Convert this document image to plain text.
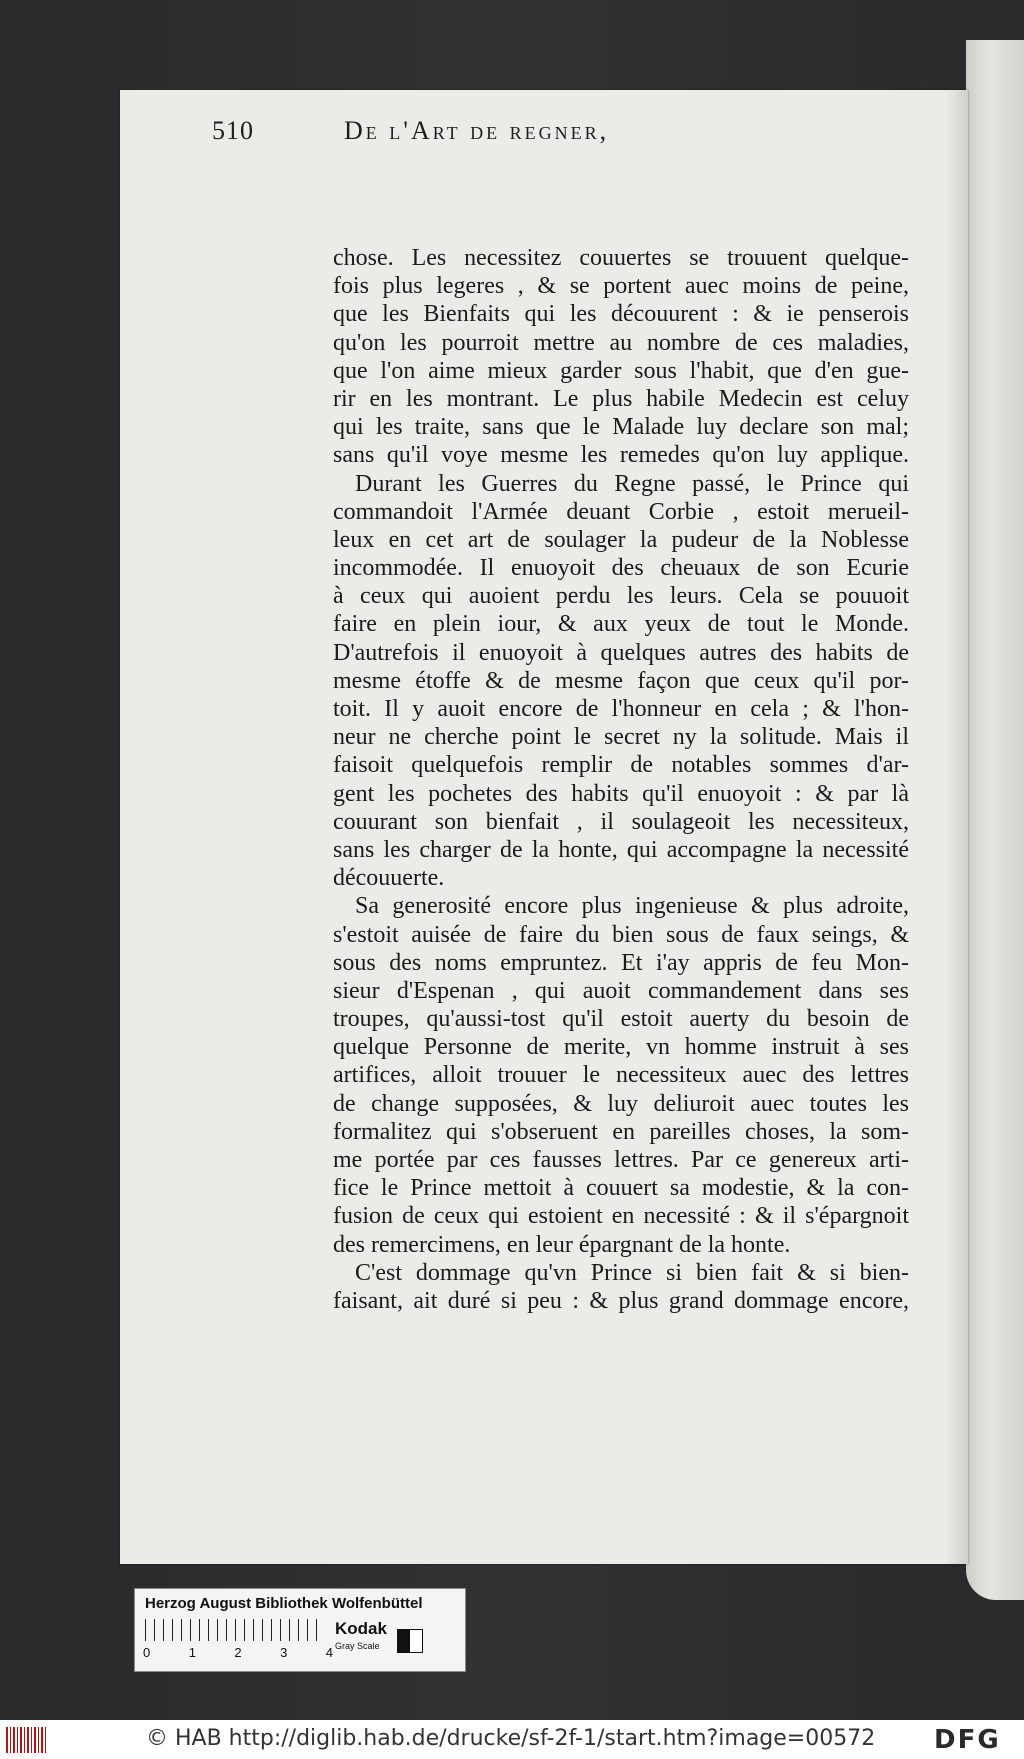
510	De l'Art de regner,
chose. Les necessitez couuertes se trouuent quelque-
fois plus legeres , & se portent auec moins de peine,
que les Bienfaits qui les découurent : & ie penserois
qu'on les pourroit mettre au nombre de ces maladies,
que l'on aime mieux garder sous l'habit, que d'en gue-
rir en les montrant. Le plus habile Medecin est celuy
qui les traite, sans que le Malade luy declare son mal;
sans qu'il voye mesme les remedes qu'on luy applique.
Durant les Guerres du Regne passé, le Prince qui
commandoit l'Armée deuant Corbie , estoit merueil-
leux en cet art de soulager la pudeur de la Noblesse
incommodée. Il enuoyoit des cheuaux de son Ecurie
à ceux qui auoient perdu les leurs. Cela se pouuoit
faire en plein iour, & aux yeux de tout le Monde.
D'autrefois il enuoyoit à quelques autres des habits de
mesme étoffe & de mesme façon que ceux qu'il por-
toit. Il y auoit encore de l'honneur en cela ; & l'hon-
neur ne cherche point le secret ny la solitude. Mais il
faisoit quelquefois remplir de notables sommes d'ar-
gent les pochetes des habits qu'il enuoyoit : & par là
couurant son bienfait , il soulageoit les necessiteux,
sans les charger de la honte, qui accompagne la necessité
découuerte.
Sa generosité encore plus ingenieuse & plus adroite,
s'estoit auisée de faire du bien sous de faux seings, &
sous des noms empruntez. Et i'ay appris de feu Mon-
sieur d'Espenan , qui auoit commandement dans ses
troupes, qu'aussi-tost qu'il estoit auerty du besoin de
quelque Personne de merite, vn homme instruit à ses
artifices, alloit trouuer le necessiteux auec des lettres
de change supposées, & luy deliuroit auec toutes les
formalitez qui s'obseruent en pareilles choses, la som-
me portée par ces fausses lettres. Par ce genereux arti-
fice le Prince mettoit à couuert sa modestie, & la con-
fusion de ceux qui estoient en necessité : & il s'épargnoit
des remercimens, en leur épargnant de la honte.
C'est dommage qu'vn Prince si bien fait & si bien-
faisant, ait duré si peu : & plus grand dommage encore,
Herzog August Bibliothek Wolfenbüttel
0	1	2	3	4
Kodak
Gray Scale
© HAB http://diglib.hab.de/drucke/sf-2f-1/start.htm?image=00572 DFG
